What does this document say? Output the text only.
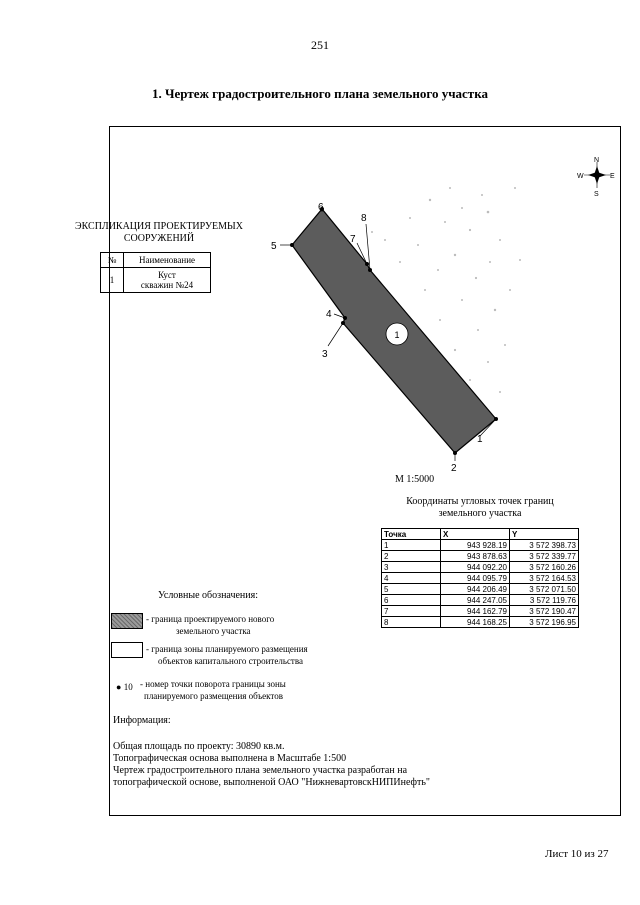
251
1. Чертеж градостроительного плана земельного участка
1
1
2
3
4
5
6
7
8
N
S
W	E
ЭКСПЛИКАЦИЯ ПРОЕКТИРУЕМЫХ
СООРУЖЕНИЙ
№	Наименование
1	Куст
скважин №24
М 1:5000
Координаты угловых точек границ
земельного участка
Точка	X	Y
1	943 928.19	3 572 398.73
2	943 878.63	3 572 339.77
3	944 092.20	3 572 160.26
4	944 095.79	3 572 164.53
5	944 206.49	3 572 071.50
6	944 247.05	3 572 119.76
7	944 162.79	3 572 190.47
8	944 168.25	3 572 196.95
Условные обозначения:
- граница проектируемого нового
земельного участка
- граница зоны планируемого размещения
объектов капитального строительства
● 10 - номер точки поворота границы зоны
планируемого размещения объектов
Информация:
Общая площадь по проекту: 30890 кв.м.
Топографическая основа выполнена в Масштабе 1:500
Чертеж градостроительного плана земельного участка разработан на
топографической основе, выполненой ОАО "НижневартовскНИПИнефть"
Лист 10 из 27
